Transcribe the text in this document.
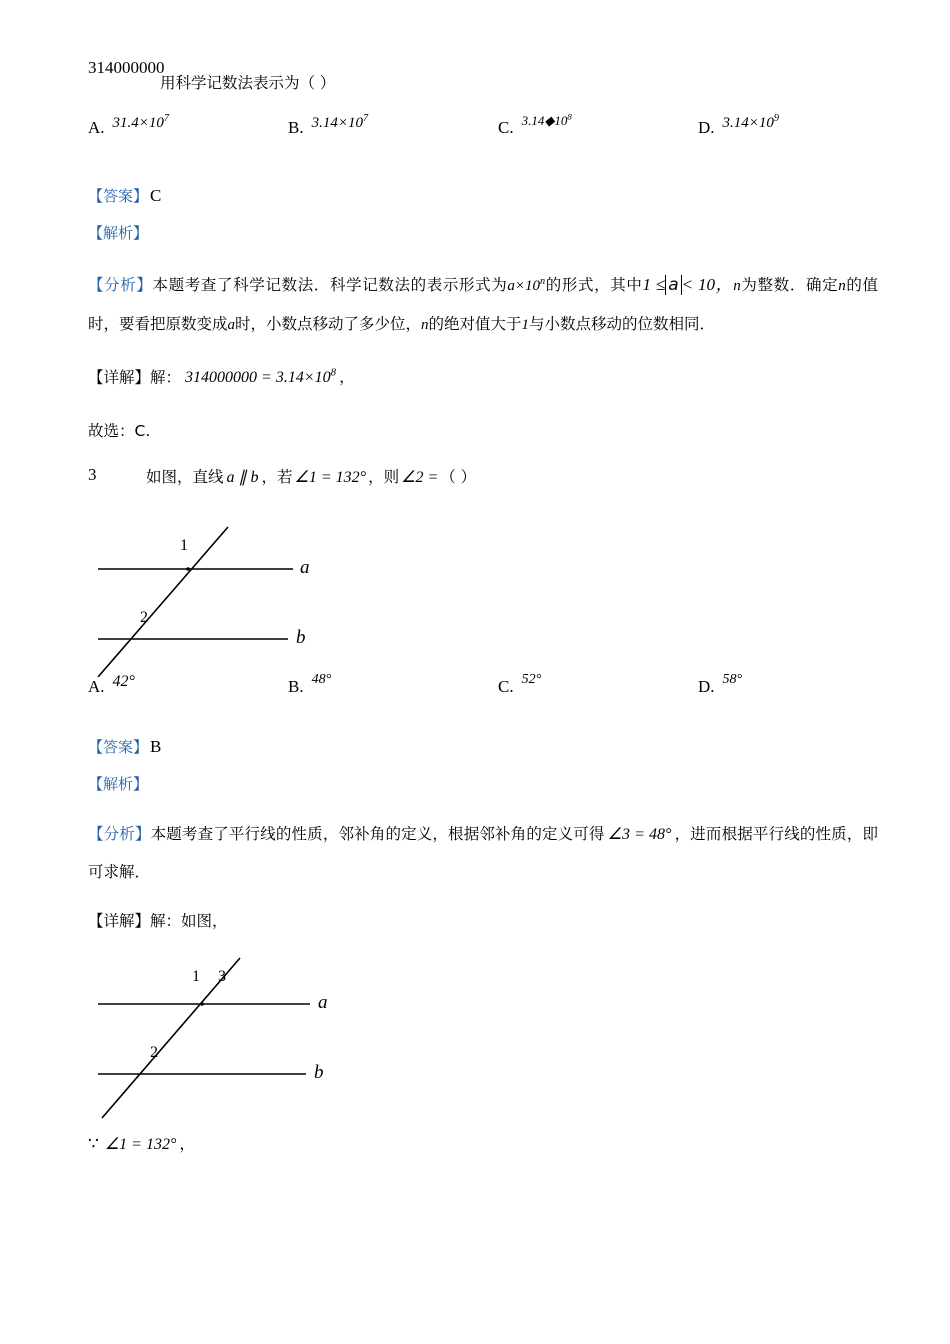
314000000
用科学记数法表示为（ ）
A. $31.4\times 10^7$	B. $3.14\times 10^7$	C. $^{3.14◆10^8}$
D. $3.14\times 10^9$
【答案】 C
【解析】
【分析】本题考查了科学记数法．科学记数法的表示形式为$a\times 10^n$的形式，其中1 ≤ a < 10，n为整数．确定n的值时，要看把原数变成a时，小数点移动了多少位，n的绝对值大于1与小数点移动的位数相同．
【详解】解： $314000000 = 3.14\times 10^8$ ，
故选：C.
3	如图，直线 a ∥ b ，若 ∠1 = 132° ，则 ∠2 = （ ）
1
2
a
b
A. 42°	B. 48°	C. 52°	D. 58°
【答案】 B
【解析】
【分析】本题考查了平行线的性质，邻补角的定义，根据邻补角的定义可得 ∠3 = 48° ，进而根据平行线的性质，即可求解．
【详解】解：如图，
1 3
2
a
b
∵ ∠1 = 132° ，
